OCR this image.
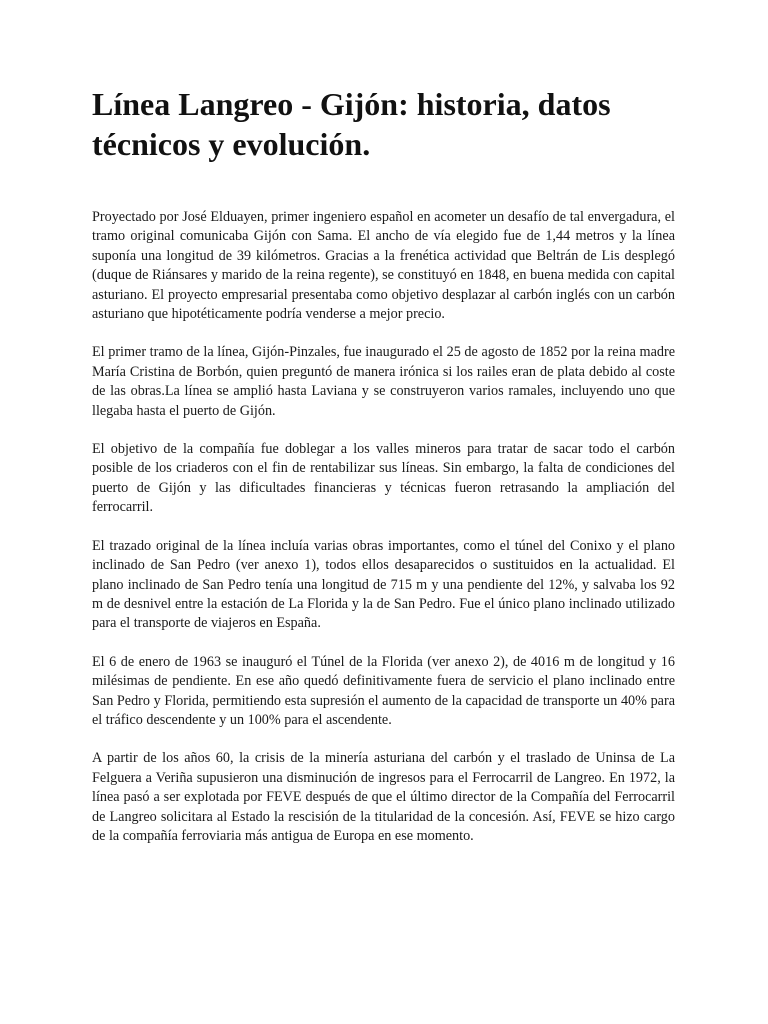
Línea Langreo - Gijón: historia, datos técnicos y evolución.

Proyectado por José Elduayen, primer ingeniero español en acometer un desafío de tal envergadura, el tramo original comunicaba Gijón con Sama. El ancho de vía elegido fue de 1,44 metros y la línea suponía una longitud de 39 kilómetros. Gracias a la frenética actividad que Beltrán de Lis desplegó (duque de Riánsares y marido de la reina regente), se constituyó en 1848, en buena medida con capital asturiano. El proyecto empresarial presentaba como objetivo desplazar al carbón inglés con un carbón asturiano que hipotéticamente podría venderse a mejor precio.

El primer tramo de la línea, Gijón-Pinzales, fue inaugurado el 25 de agosto de 1852 por la reina madre María Cristina de Borbón, quien preguntó de manera irónica si los railes eran de plata debido al coste de las obras.La línea se amplió hasta Laviana y se construyeron varios ramales, incluyendo uno que llegaba hasta el puerto de Gijón.

El objetivo de la compañía fue doblegar a los valles mineros para tratar de sacar todo el carbón posible de los criaderos con el fin de rentabilizar sus líneas. Sin embargo, la falta de condiciones del puerto de Gijón y las dificultades financieras y técnicas fueron retrasando la ampliación del ferrocarril.

El trazado original de la línea incluía varias obras importantes, como el túnel del Conixo y el plano inclinado de San Pedro (ver anexo 1), todos ellos desaparecidos o sustituidos en la actualidad. El plano inclinado de San Pedro tenía una longitud de 715 m y una pendiente del 12%, y salvaba los 92 m de desnivel entre la estación de La Florida y la de San Pedro. Fue el único plano inclinado utilizado para el transporte de viajeros en España.

El 6 de enero de 1963 se inauguró el Túnel de la Florida (ver anexo 2), de 4016 m de longitud y 16 milésimas de pendiente. En ese año quedó definitivamente fuera de servicio el plano inclinado entre San Pedro y Florida, permitiendo esta supresión el aumento de la capacidad de transporte un 40% para el tráfico descendente y un 100% para el ascendente.

A partir de los años 60, la crisis de la minería asturiana del carbón y el traslado de Uninsa de La Felguera a Veriña supusieron una disminución de ingresos para el Ferrocarril de Langreo. En 1972, la línea pasó a ser explotada por FEVE después de que el último director de la Compañía del Ferrocarril de Langreo solicitara al Estado la rescisión de la titularidad de la concesión. Así, FEVE se hizo cargo de la compañía ferroviaria más antigua de Europa en ese momento.
